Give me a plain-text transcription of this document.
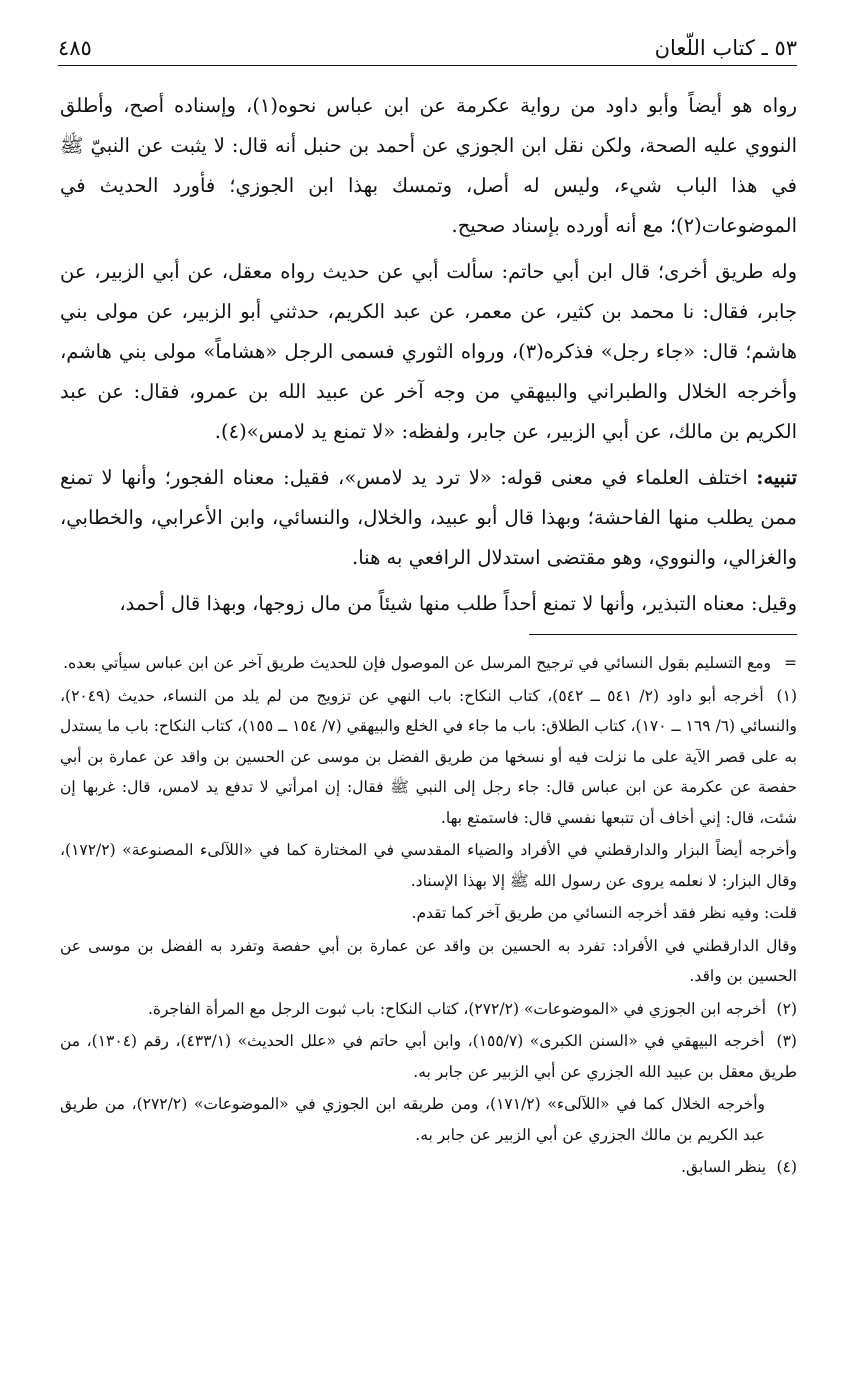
٥٣ ـ كتاب اللّعان
٤٨٥

رواه هو أيضاً وأبو داود من رواية عكرمة عن ابن عباس نحوه(١)، وإسناده أصح، وأطلق النووي عليه الصحة، ولكن نقل ابن الجوزي عن أحمد بن حنبل أنه قال: لا يثبت عن النبيّ ﷺ في هذا الباب شيء، وليس له أصل، وتمسك بهذا ابن الجوزي؛ فأورد الحديث في الموضوعات(٢)؛ مع أنه أورده بإسناد صحيح.

وله طريق أخرى؛ قال ابن أبي حاتم: سألت أبي عن حديث رواه معقل، عن أبي الزبير، عن جابر، فقال: نا محمد بن كثير، عن معمر، عن عبد الكريم، حدثني أبو الزبير، عن مولى بني هاشم؛ قال: «جاء رجل» فذكره(٣)، ورواه الثوري فسمى الرجل «هشاماً» مولى بني هاشم، وأخرجه الخلال والطبراني والبيهقي من وجه آخر عن عبيد الله بن عمرو، فقال: عن عبد الكريم بن مالك، عن أبي الزبير، عن جابر، ولفظه: «لا تمنع يد لامس»(٤).

تنبيه: اختلف العلماء في معنى قوله: «لا ترد يد لامس»، فقيل: معناه الفجور؛ وأنها لا تمنع ممن يطلب منها الفاحشة؛ وبهذا قال أبو عبيد، والخلال، والنسائي، وابن الأعرابي، والخطابي، والغزالي، والنووي، وهو مقتضى استدلال الرافعي به هنا.

وقيل: معناه التبذير، وأنها لا تمنع أحداً طلب منها شيئاً من مال زوجها، وبهذا قال أحمد،

=ومع التسليم بقول النسائي في ترجيح المرسل عن الموصول فإن للحديث طريق آخر عن ابن عباس سيأتي بعده.

(١) أخرجه أبو داود (٢/ ٥٤١ ــ ٥٤٢)، كتاب النكاح: باب النهي عن تزويج من لم يلد من النساء، حديث (٢٠٤٩)، والنسائي (٦/ ١٦٩ ــ ١٧٠)، كتاب الطلاق: باب ما جاء في الخلع والبيهقي (٧/ ١٥٤ ــ ١٥٥)، كتاب النكاح: باب ما يستدل به على قصر الآية على ما نزلت فيه أو نسخها من طريق الفضل بن موسى عن الحسين بن واقد عن عمارة بن أبي حفصة عن عكرمة عن ابن عباس قال: جاء رجل إلى النبي ﷺ فقال: إن امرأتي لا تدفع يد لامس، قال: غربها إن شئت، قال: إني أخاف أن تتبعها نفسي قال: فاستمتع بها.

وأخرجه أيضاً البزار والدارقطني في الأفراد والضياء المقدسي في المختارة كما في «اللآلىء المصنوعة» (١٧٢/٢)، وقال البزار: لا نعلمه يروى عن رسول الله ﷺ إلا بهذا الإسناد.

قلت: وفيه نظر فقد أخرجه النسائي من طريق آخر كما تقدم.

وقال الدارقطني في الأفراد: تفرد به الحسين بن واقد عن عمارة بن أبي حفصة وتفرد به الفضل بن موسى عن الحسين بن واقد.

(٢) أخرجه ابن الجوزي في «الموضوعات» (٢٧٢/٢)، كتاب النكاح: باب ثبوت الرجل مع المرأة الفاجرة.

(٣) أخرجه البيهقي في «السنن الكبرى» (١٥٥/٧)، وابن أبي حاتم في «علل الحديث» (٤٣٣/١)، رقم (١٣٠٤)، من طريق معقل بن عبيد الله الجزري عن أبي الزبير عن جابر به.

وأخرجه الخلال كما في «اللآلىء» (١٧١/٢)، ومن طريقه ابن الجوزي في «الموضوعات» (٢٧٢/٢)، من طريق عبد الكريم بن مالك الجزري عن أبي الزبير عن جابر به.

(٤) ينظر السابق.
